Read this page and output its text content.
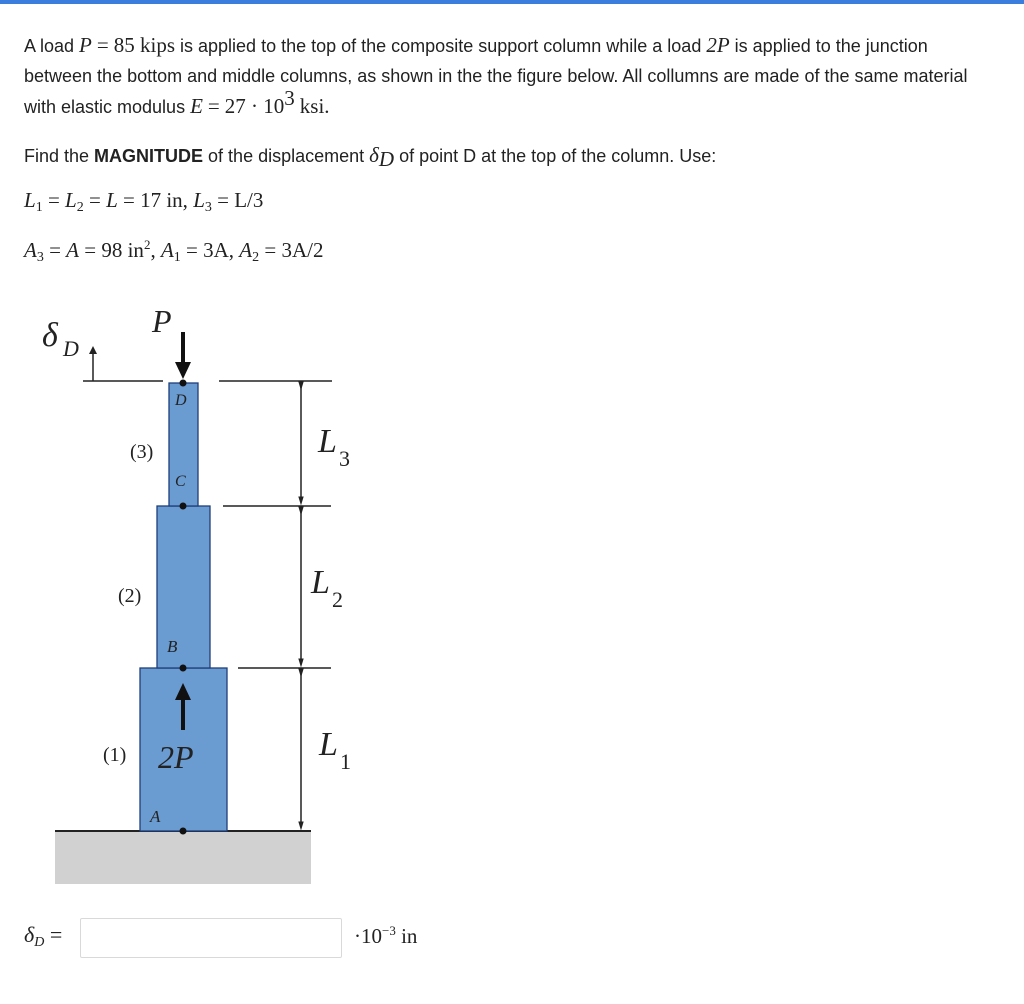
A load P = 85 kips is applied to the top of the composite support column while a load 2P is applied to the junction between the bottom and middle columns, as shown in the the figure below. All collumns are made of the same material with elastic modulus $E = 27 \cdot 10^3$ ksi.

Find the MAGNITUDE of the displacement $\delta_D$ of point D at the top of the column. Use:

$L_1 = L_2 = L = 17$ in, $L_3 = L/3$
$A_3 = A = 98$ $in^2$, $A_1 = 3A$, $A_2 = 3A/2$
A
B
C
D
(3)
(2)
(1)
P
2P
δ D
L 3
L 2
L 1
$\delta_D$ =	$\cdot 10^{-3}$ in
